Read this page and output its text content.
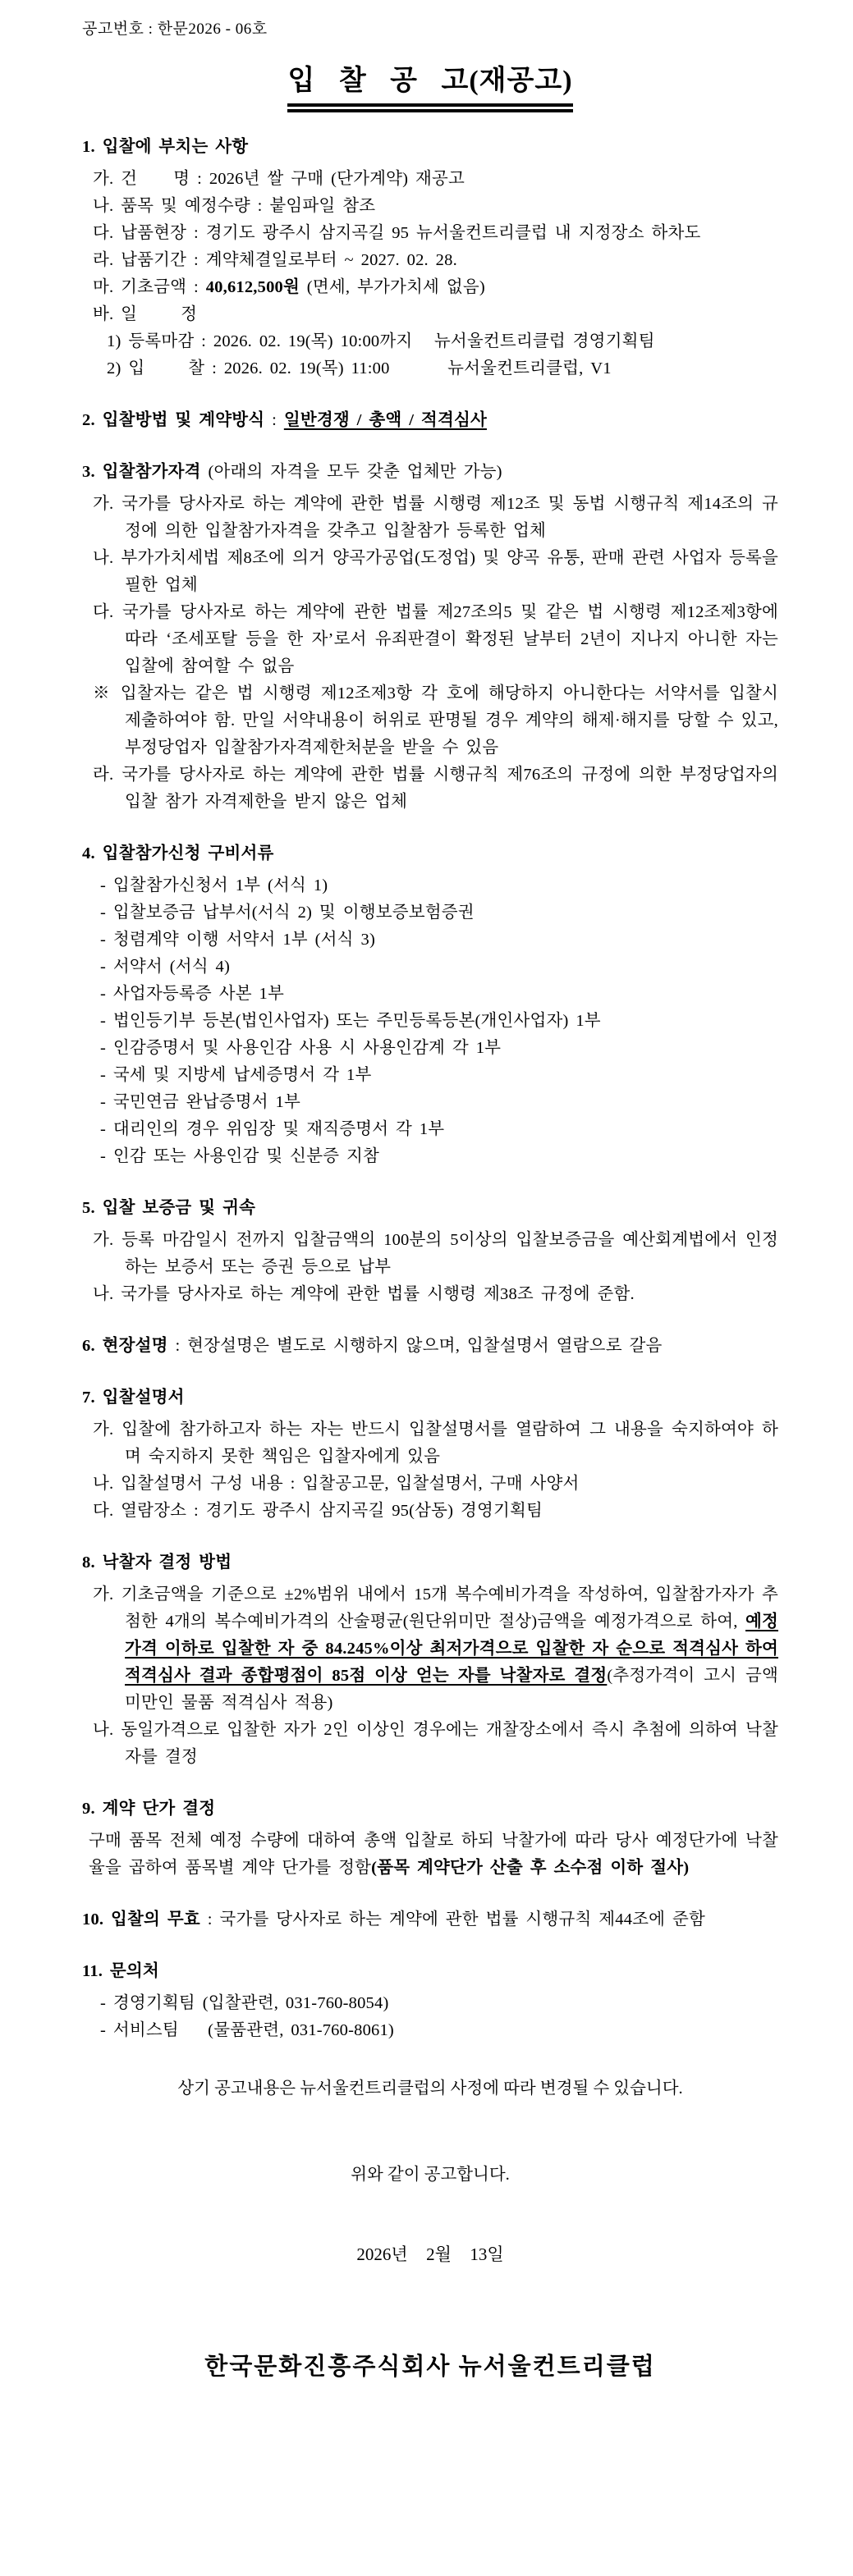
공고번호 : 한문2026 - 06호
입   찰   공   고(재공고)
1. 입찰에 부치는 사항
가. 건     명 : 2026년 쌀 구매 (단가계약) 재공고
나. 품목 및 예정수량 : 붙임파일 참조
다. 납품현장 : 경기도 광주시 삼지곡길 95 뉴서울컨트리클럽 내 지정장소 하차도
라. 납품기간 : 계약체결일로부터 ~ 2027. 02. 28.
마. 기초금액 : 40,612,500원 (면세, 부가가치세 없음)
바. 일      정
1) 등록마감 : 2026. 02. 19(목) 10:00까지   뉴서울컨트리클럽 경영기획팀
2) 입      찰 : 2026. 02. 19(목) 11:00        뉴서울컨트리클럽, V1
2. 입찰방법 및 계약방식 : 일반경쟁 / 총액 / 적격심사
3. 입찰참가자격 (아래의 자격을 모두 갖춘 업체만 가능)
가. 국가를 당사자로 하는 계약에 관한 법률 시행령 제12조 및 동법 시행규칙 제14조의 규정에 의한 입찰참가자격을 갖추고 입찰참가 등록한 업체
나. 부가가치세법 제8조에 의거 양곡가공업(도정업) 및 양곡 유통, 판매 관련 사업자 등록을 필한 업체
다. 국가를 당사자로 하는 계약에 관한 법률 제27조의5 및 같은 법 시행령 제12조제3항에 따라 ‘조세포탈 등을 한 자’로서 유죄판결이 확정된 날부터 2년이 지나지 아니한 자는 입찰에 참여할 수 없음
※ 입찰자는 같은 법 시행령 제12조제3항 각 호에 해당하지 아니한다는 서약서를 입찰시 제출하여야 함. 만일 서약내용이 허위로 판명될 경우 계약의 해제·해지를 당할 수 있고, 부정당업자 입찰참가자격제한처분을 받을 수 있음
라. 국가를 당사자로 하는 계약에 관한 법률 시행규칙 제76조의 규정에 의한 부정당업자의 입찰 참가 자격제한을 받지 않은 업체
4. 입찰참가신청 구비서류
- 입찰참가신청서 1부 (서식 1)
- 입찰보증금 납부서(서식 2) 및 이행보증보험증권
- 청렴계약 이행 서약서 1부 (서식 3)
- 서약서 (서식 4)
- 사업자등록증 사본 1부
- 법인등기부 등본(법인사업자) 또는 주민등록등본(개인사업자) 1부
- 인감증명서 및 사용인감 사용 시 사용인감계 각 1부
- 국세 및 지방세 납세증명서 각 1부
- 국민연금 완납증명서 1부
- 대리인의 경우 위임장 및 재직증명서 각 1부
- 인감 또는 사용인감 및 신분증 지참
5. 입찰 보증금 및 귀속
가. 등록 마감일시 전까지 입찰금액의 100분의 5이상의 입찰보증금을 예산회계법에서 인정하는 보증서 또는 증권 등으로 납부
나. 국가를 당사자로 하는 계약에 관한 법률 시행령 제38조 규정에 준함.
6. 현장설명 : 현장설명은 별도로 시행하지 않으며, 입찰설명서 열람으로 갈음
7. 입찰설명서
가. 입찰에 참가하고자 하는 자는 반드시 입찰설명서를 열람하여 그 내용을 숙지하여야 하며 숙지하지 못한 책임은 입찰자에게 있음
나. 입찰설명서 구성 내용 : 입찰공고문, 입찰설명서, 구매 사양서
다. 열람장소 : 경기도 광주시 삼지곡길 95(삼동) 경영기획팀
8. 낙찰자 결정 방법
가. 기초금액을 기준으로 ±2%범위 내에서 15개 복수예비가격을 작성하여, 입찰참가자가 추첨한 4개의 복수예비가격의 산술평균(원단위미만 절상)금액을 예정가격으로 하여, 예정가격 이하로 입찰한 자 중 84.245%이상 최저가격으로 입찰한 자 순으로 적격심사 하여 적격심사 결과 종합평점이 85점 이상 얻는 자를 낙찰자로 결정(추정가격이 고시 금액 미만인 물품 적격심사 적용)
나. 동일가격으로 입찰한 자가 2인 이상인 경우에는 개찰장소에서 즉시 추첨에 의하여 낙찰자를 결정
9. 계약 단가 결정
구매 품목 전체 예정 수량에 대하여 총액 입찰로 하되 낙찰가에 따라 당사 예정단가에 낙찰율을 곱하여 품목별 계약 단가를 정함(품목 계약단가 산출 후 소수점 이하 절사)
10. 입찰의 무효 : 국가를 당사자로 하는 계약에 관한 법률 시행규칙 제44조에 준함
11. 문의처
- 경영기획팀 (입찰관련, 031-760-8054)
- 서비스팀    (물품관련, 031-760-8061)
상기 공고내용은 뉴서울컨트리클럽의 사정에 따라 변경될 수 있습니다.
위와 같이 공고합니다.
2026년  2월  13일
한국문화진흥주식회사 뉴서울컨트리클럽
